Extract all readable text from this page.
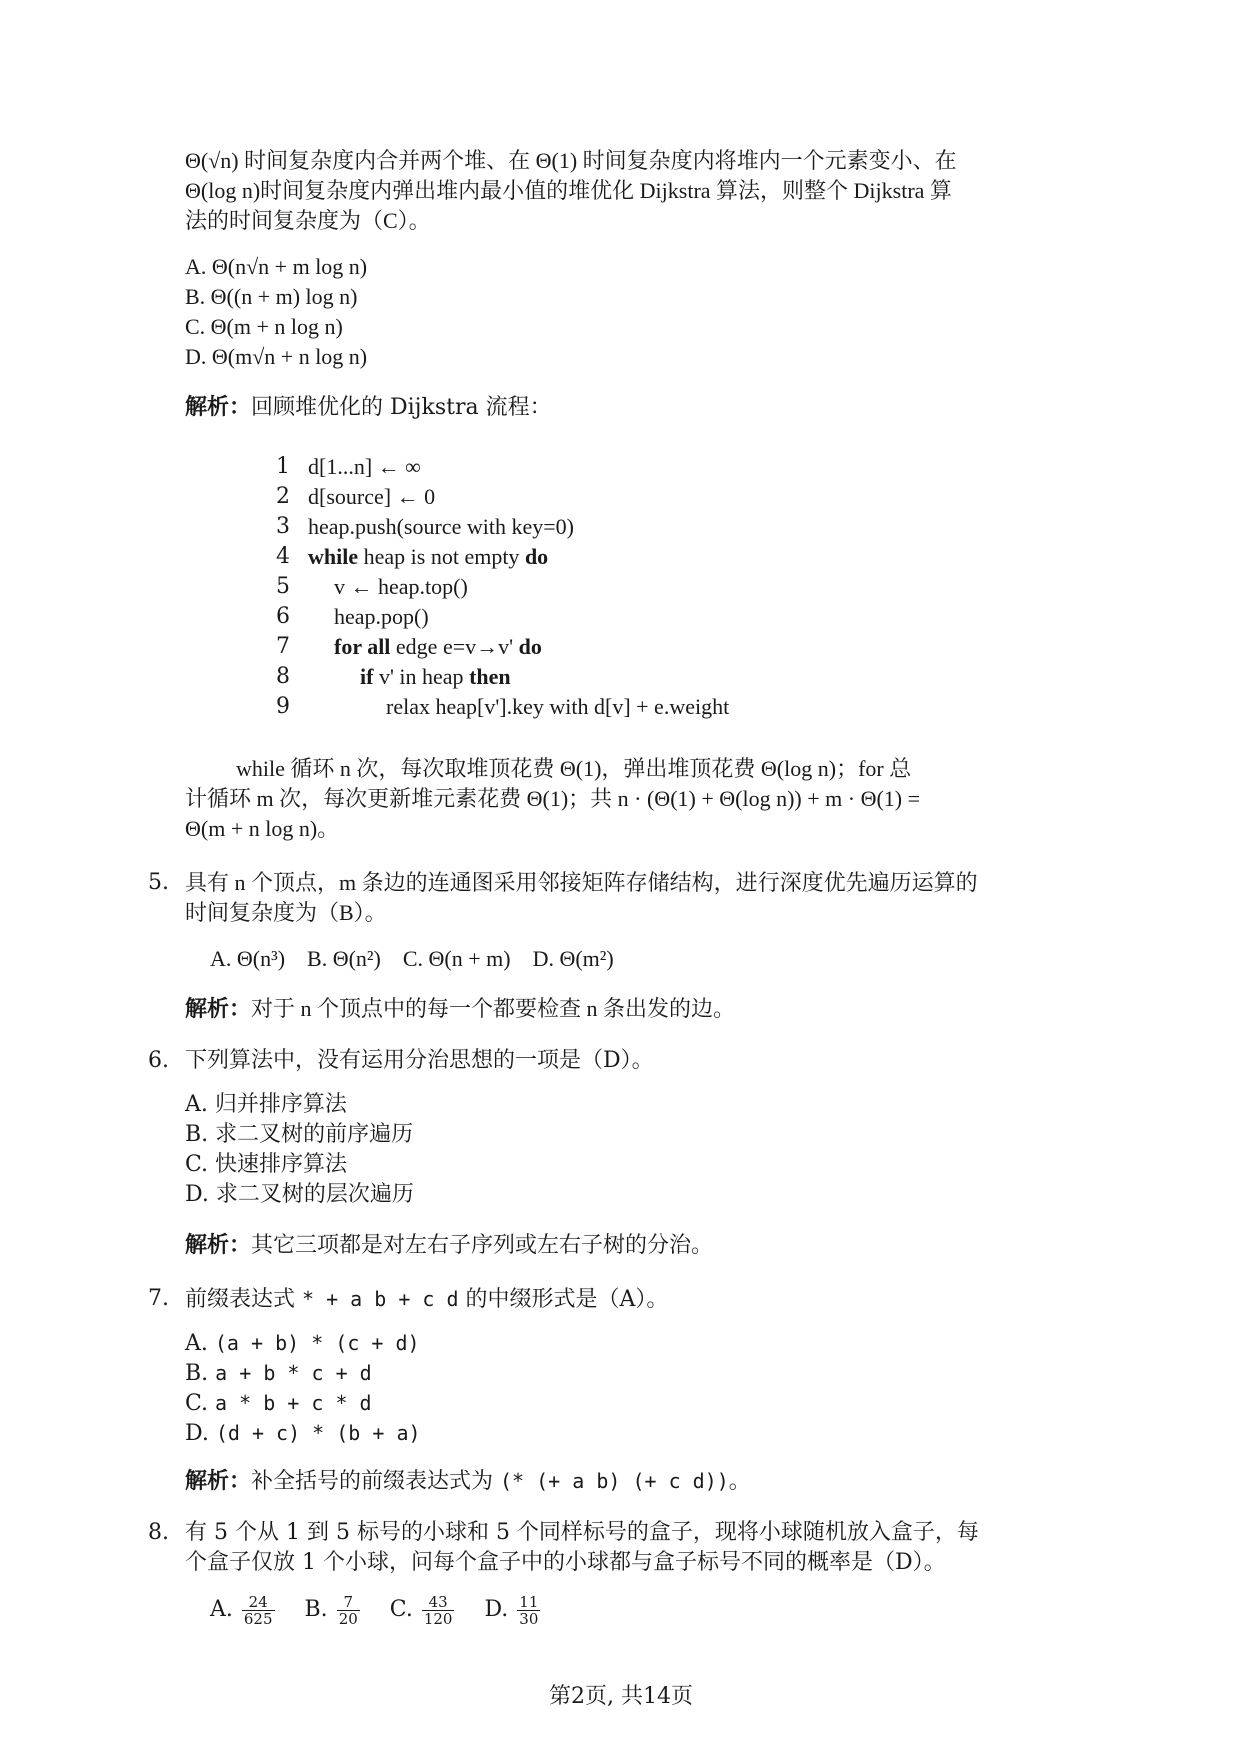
Θ(√n) 时间复杂度内合并两个堆、在 Θ(1) 时间复杂度内将堆内一个元素变小、在
Θ(log n)时间复杂度内弹出堆内最小值的堆优化 Dijkstra 算法，则整个 Dijkstra 算
法的时间复杂度为（C）。
A. Θ(n√n + m log n)
B. Θ((n + m) log n)
C. Θ(m + n log n)
D. Θ(m√n + n log n)
解析：回顾堆优化的 Dijkstra 流程：
1 d[1...n] ← ∞
2 d[source] ← 0
3 heap.push(source with key=0)
4 while heap is not empty do
5 v ← heap.top()
6 heap.pop()
7 for all edge e=v→v' do
8	if v' in heap then
9	relax heap[v'].key with d[v] + e.weight
while 循环 n 次，每次取堆顶花费 Θ(1)，弹出堆顶花费 Θ(log n)；for 总
计循环 m 次，每次更新堆元素花费 Θ(1)；共 n · (Θ(1) + Θ(log n)) + m · Θ(1) =
Θ(m + n log n)。
5. 具有 n 个顶点，m 条边的连通图采用邻接矩阵存储结构，进行深度优先遍历运算的
时间复杂度为（B）。
A. Θ(n³) B. Θ(n²) C. Θ(n + m) D. Θ(m²)
解析：对于 n 个顶点中的每一个都要检查 n 条出发的边。
6. 下列算法中，没有运用分治思想的一项是（D）。
A. 归并排序算法
B. 求二叉树的前序遍历
C. 快速排序算法
D. 求二叉树的层次遍历
解析：其它三项都是对左右子序列或左右子树的分治。
7. 前缀表达式 * + a b + c d 的中缀形式是（A）。
A. (a + b) * (c + d)
B. a + b * c + d
C. a * b + c * d
D. (d + c) * (b + a)
解析：补全括号的前缀表达式为 (* (+ a b) (+ c d))。
8. 有 5 个从 1 到 5 标号的小球和 5 个同样标号的盒子，现将小球随机放入盒子，每
个盒子仅放 1 个小球，问每个盒子中的小球都与盒子标号不同的概率是（D）。
A. $\frac{24}{625} B$. $\frac{7}{20} C$. $\frac{43}{120} D$. $\frac{11}{30}$
第2页, 共14页
